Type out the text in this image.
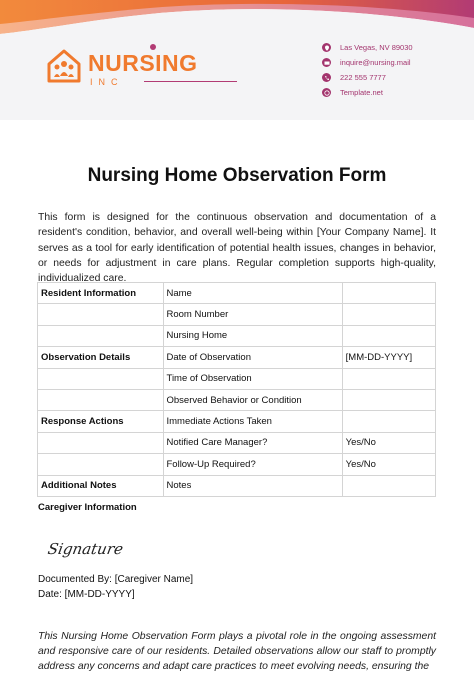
NURSING
INC
Las Vegas, NV 89030
inquire@nursing.mail
222 555 7777
Template.net
Nursing Home Observation Form
This form is designed for the continuous observation and documentation of a resident's condition, behavior, and overall well-being within [Your Company Name]. It serves as a tool for early identification of potential health issues, changes in behavior, or needs for adjustment in care plans. Regular completion supports high-quality, individualized care.
Resident Information	Name	
	Room Number	
	Nursing Home	
Observation Details	Date of Observation	[MM-DD-YYYY]
	Time of Observation	
	Observed Behavior or Condition	
Response Actions	Immediate Actions Taken	
	Notified Care Manager?	Yes/No
	Follow-Up Required?	Yes/No
Additional Notes	Notes	
Caregiver Information
Signature
Documented By: [Caregiver Name]
Date: [MM-DD-YYYY]
This Nursing Home Observation Form plays a pivotal role in the ongoing assessment and responsive care of our residents. Detailed observations allow our staff to promptly address any concerns and adapt care practices to meet evolving needs, ensuring the
